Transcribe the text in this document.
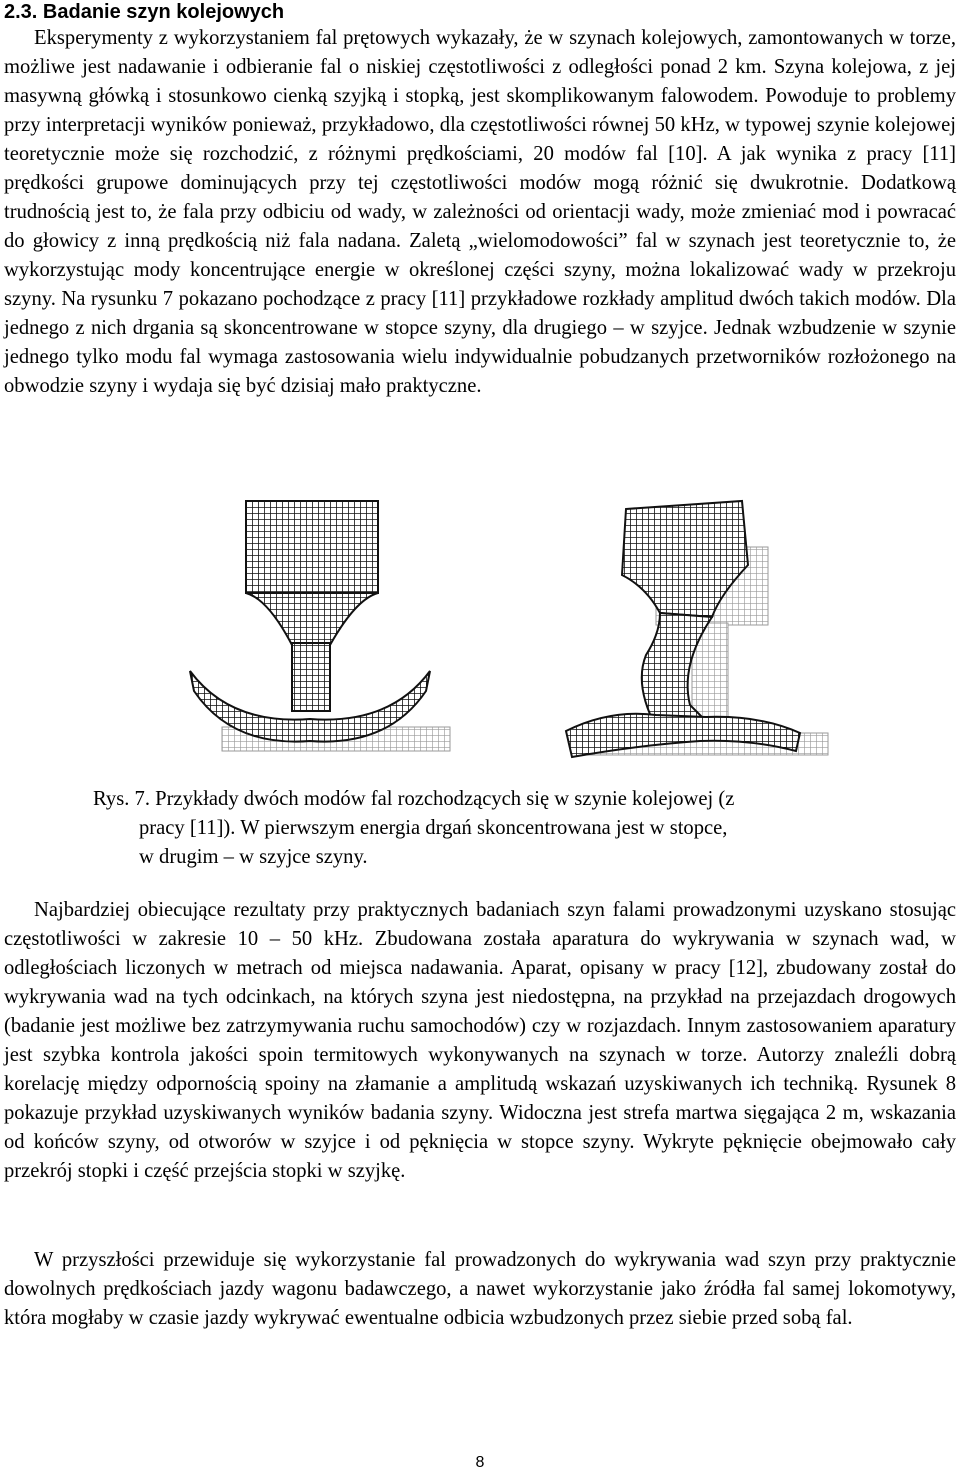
2.3. Badanie szyn kolejowych

Eksperymenty z wykorzystaniem fal prętowych wykazały, że w szynach kolejowych, zamontowanych w torze, możliwe jest nadawanie i odbieranie fal o niskiej częstotliwości z odległości ponad 2 km. Szyna kolejowa, z jej masywną główką i stosunkowo cienką szyjką i stopką, jest skomplikowanym falowodem. Powoduje to problemy przy interpretacji wyników ponieważ, przykładowo, dla częstotliwości równej 50 kHz, w typowej szynie kolejowej teoretycznie może się rozchodzić, z różnymi prędkościami, 20 modów fal [10]. A jak wynika z pracy [11] prędkości grupowe dominujących przy tej częstotliwości modów mogą różnić się dwukrotnie. Dodatkową trudnością jest to, że fala przy odbiciu od wady, w zależności od orientacji wady, może zmieniać mod i powracać do głowicy z inną prędkością niż fala nadana. Zaletą „wielomodowości” fal w szynach jest teoretycznie to, że wykorzystując mody koncentrujące energie w określonej części szyny, można lokalizować wady w przekroju szyny. Na rysunku 7 pokazano pochodzące z pracy [11] przykładowe rozkłady amplitud dwóch takich modów. Dla jednego z nich drgania są skoncentrowane w stopce szyny, dla drugiego – w szyjce. Jednak wzbudzenie w szynie jednego tylko modu fal wymaga zastosowania wielu indywidualnie pobudzanych przetworników rozłożonego na obwodzie szyny i wydaja się być dzisiaj mało praktyczne.

Rys. 7. Przykłady dwóch modów fal rozchodzących się w szynie kolejowej (z
pracy [11]). W pierwszym energia drgań skoncentrowana jest w stopce,
w drugim – w szyjce szyny.

Najbardziej obiecujące rezultaty przy praktycznych badaniach szyn falami prowadzonymi uzyskano stosując częstotliwości w zakresie 10 – 50 kHz. Zbudowana została aparatura do wykrywania w szynach wad, w odległościach liczonych w metrach od miejsca nadawania. Aparat, opisany w pracy [12], zbudowany został do wykrywania wad na tych odcinkach, na których szyna jest niedostępna, na przykład na przejazdach drogowych (badanie jest możliwe bez zatrzymywania ruchu samochodów) czy w rozjazdach. Innym zastosowaniem aparatury jest szybka kontrola jakości spoin termitowych wykonywanych na szynach w torze. Autorzy znaleźli dobrą korelację między odpornością spoiny na złamanie a amplitudą wskazań uzyskiwanych ich techniką. Rysunek 8 pokazuje przykład uzyskiwanych wyników badania szyny. Widoczna jest strefa martwa sięgająca 2 m, wskazania od końców szyny, od otworów w szyjce i od pęknięcia w stopce szyny. Wykryte pęknięcie obejmowało cały przekrój stopki i część przejścia stopki w szyjkę.

W przyszłości przewiduje się wykorzystanie fal prowadzonych do wykrywania wad szyn przy praktycznie dowolnych prędkościach jazdy wagonu badawczego, a nawet wykorzystanie jako źródła fal samej lokomotywy, która mogłaby w czasie jazdy wykrywać ewentualne odbicia wzbudzonych przez siebie przed sobą fal.

8
